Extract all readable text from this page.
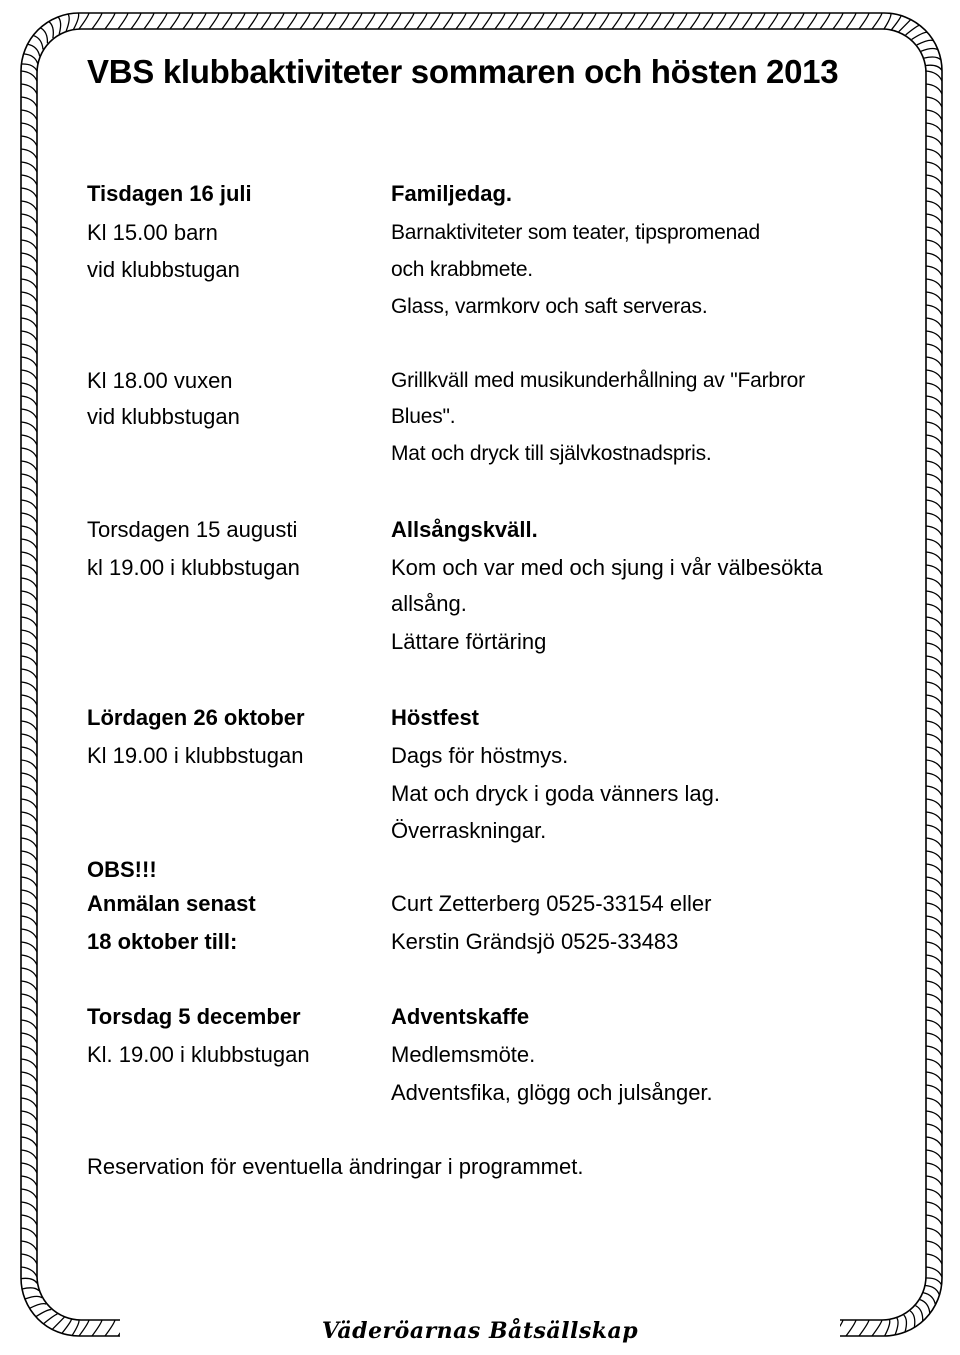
VBS klubbaktiviteter sommaren och hösten 2013
Tisdagen 16 juli
Kl 15.00 barn
vid klubbstugan
Familjedag.
Barnaktiviteter som teater, tipspromenad
och krabbmete.
Glass, varmkorv och saft serveras.
Kl 18.00 vuxen
vid klubbstugan
Grillkväll med musikunderhållning av "Farbror
Blues".
Mat och dryck till självkostnadspris.
Torsdagen 15 augusti
kl 19.00 i klubbstugan
Allsångskväll.
Kom och var med och sjung i vår välbesökta
allsång.
Lättare förtäring
Lördagen 26 oktober
Kl 19.00 i klubbstugan
Höstfest
Dags för höstmys.
Mat och dryck i goda vänners lag.
Överraskningar.
OBS!!!
Anmälan senast
18 oktober till:
Curt Zetterberg 0525-33154 eller
Kerstin Grändsjö 0525-33483
Torsdag 5 december
Kl. 19.00 i klubbstugan
Adventskaffe
Medlemsmöte.
Adventsfika, glögg och julsånger.
Reservation för eventuella ändringar i programmet.
Väderöarnas Båtsällskap
